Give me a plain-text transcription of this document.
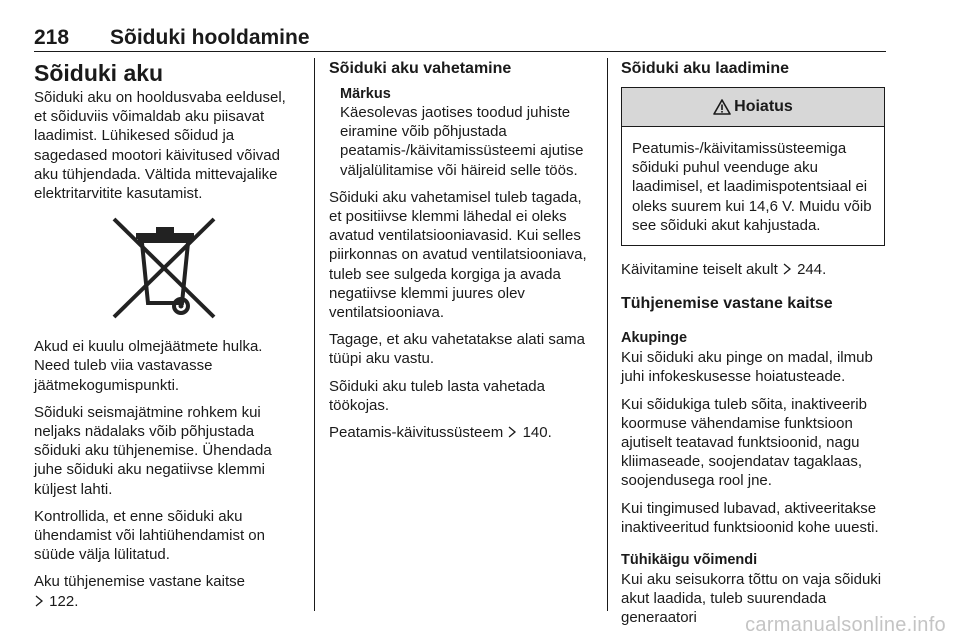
218 Sõiduki hooldamine
Sõiduki aku

Sõiduki aku on hooldusvaba eeldusel, et sõiduviis võimaldab aku piisavat laadimist. Lühikesed sõidud ja sagedased mootori käivitused võivad aku tühjendada. Vältida mittevajalike elektritarvitite kasutamist.

Akud ei kuulu olmejäätmete hulka. Need tuleb viia vastavasse jäätmekogumispunkti.

Sõiduki seismajätmine rohkem kui neljaks nädalaks võib põhjustada sõiduki aku tühjenemise. Ühendada juhe sõiduki aku negatiivse klemmi küljest lahti.

Kontrollida, et enne sõiduki aku ühendamist või lahtiühendamist on süüde välja lülitatud.

Aku tühjenemise vastane kaitse
122.

Sõiduki aku vahetamine
Märkus

Käesolevas jaotises toodud juhiste eiramine võib põhjustada peatamis-/käivitamissüsteemi ajutise väljalülitamise või häireid selle töös.

Sõiduki aku vahetamisel tuleb tagada, et positiivse klemmi lähedal ei oleks avatud ventilatsiooniavasid. Kui selles piirkonnas on avatud ventilatsiooniava, tuleb see sulgeda korgiga ja avada negatiivse klemmi juures olev ventilatsiooniava.

Tagage, et aku vahetatakse alati sama tüüpi aku vastu.

Sõiduki aku tuleb lasta vahetada töökojas.

Peatamis-käivitussüsteem 140.

Sõiduki aku laadimine
Hoiatus

Peatumis-/käivitamissüsteemiga sõiduki puhul veenduge aku laadimisel, et laadimispotentsiaal ei oleks suurem kui 14,6 V. Muidu võib see sõiduki akut kahjustada.

Käivitamine teiselt akult 244.

Tühjenemise vastane kaitse
Akupinge

Kui sõiduki aku pinge on madal, ilmub juhi infokeskusesse hoiatusteade.

Kui sõidukiga tuleb sõita, inaktiveerib koormuse vähendamise funktsioon ajutiselt teatavad funktsioonid, nagu kliimaseade, soojendatav tagaklaas, soojendusega rool jne.

Kui tingimused lubavad, aktiveeritakse inaktiveeritud funktsioonid kohe uuesti.

Tühikäigu võimendi

Kui aku seisukorra tõttu on vaja sõiduki akut laadida, tuleb suurendada generaatori	carmanualsonline.info
